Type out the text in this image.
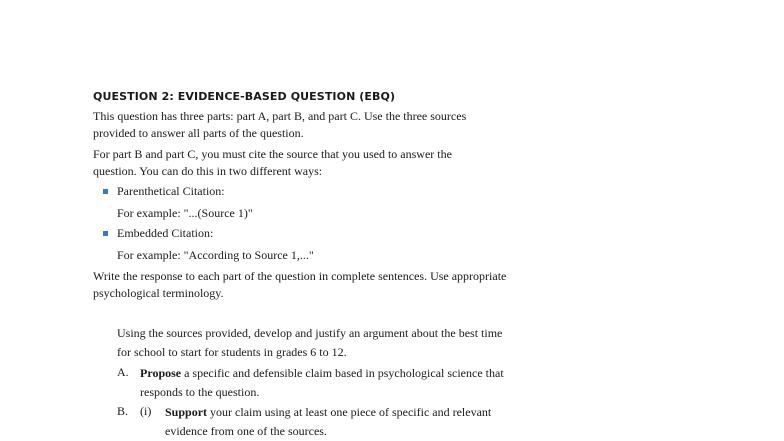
QUESTION 2: EVIDENCE-BASED QUESTION (EBQ)
This question has three parts: part A, part B, and part C. Use the three sources
provided to answer all parts of the question.
For part B and part C, you must cite the source that you used to answer the
question. You can do this in two different ways:
Parenthetical Citation:
For example: "...(Source 1)"
Embedded Citation:
For example: "According to Source 1,..."
Write the response to each part of the question in complete sentences. Use appropriate
psychological terminology.
Using the sources provided, develop and justify an argument about the best time
for school to start for students in grades 6 to 12.
A. Propose a specific and defensible claim based in psychological science that
responds to the question.
B. (i) Support your claim using at least one piece of specific and relevant
evidence from one of the sources.
